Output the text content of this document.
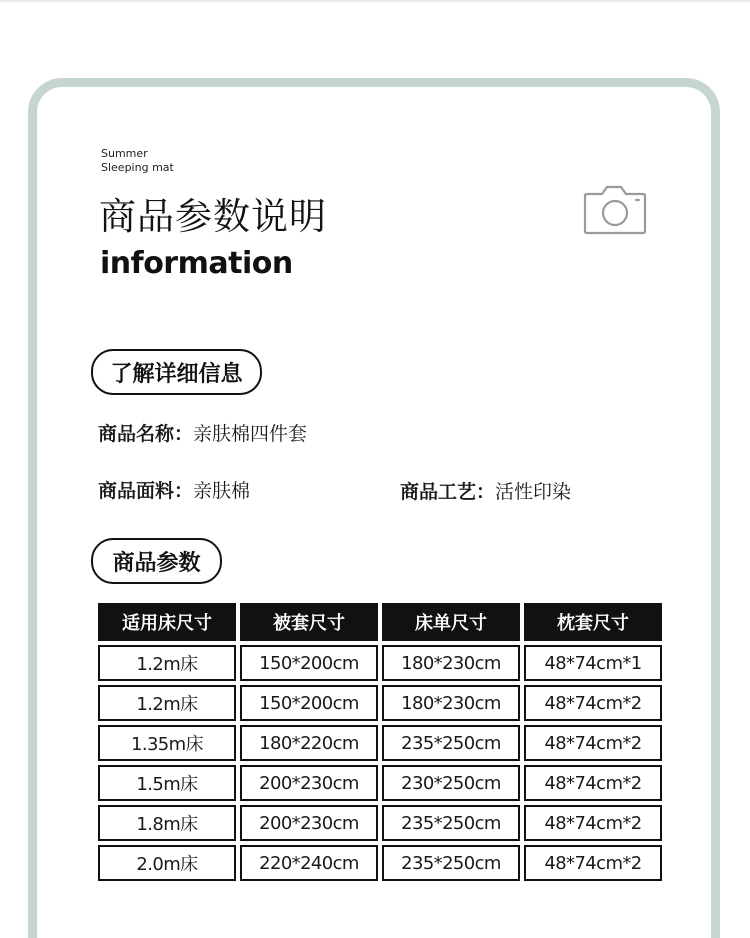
Summer
Sleeping mat
商品参数说明
information
了解详细信息
商品名称：亲肤棉四件套
商品面料：亲肤棉	商品工艺：活性印染
商品参数
适用床尺寸	被套尺寸	床单尺寸	枕套尺寸
1.2m床	150*200cm	180*230cm	48*74cm*1
1.2m床	150*200cm	180*230cm	48*74cm*2
1.35m床	180*220cm	235*250cm	48*74cm*2
1.5m床	200*230cm	230*250cm	48*74cm*2
1.8m床	200*230cm	235*250cm	48*74cm*2
2.0m床	220*240cm	235*250cm	48*74cm*2
